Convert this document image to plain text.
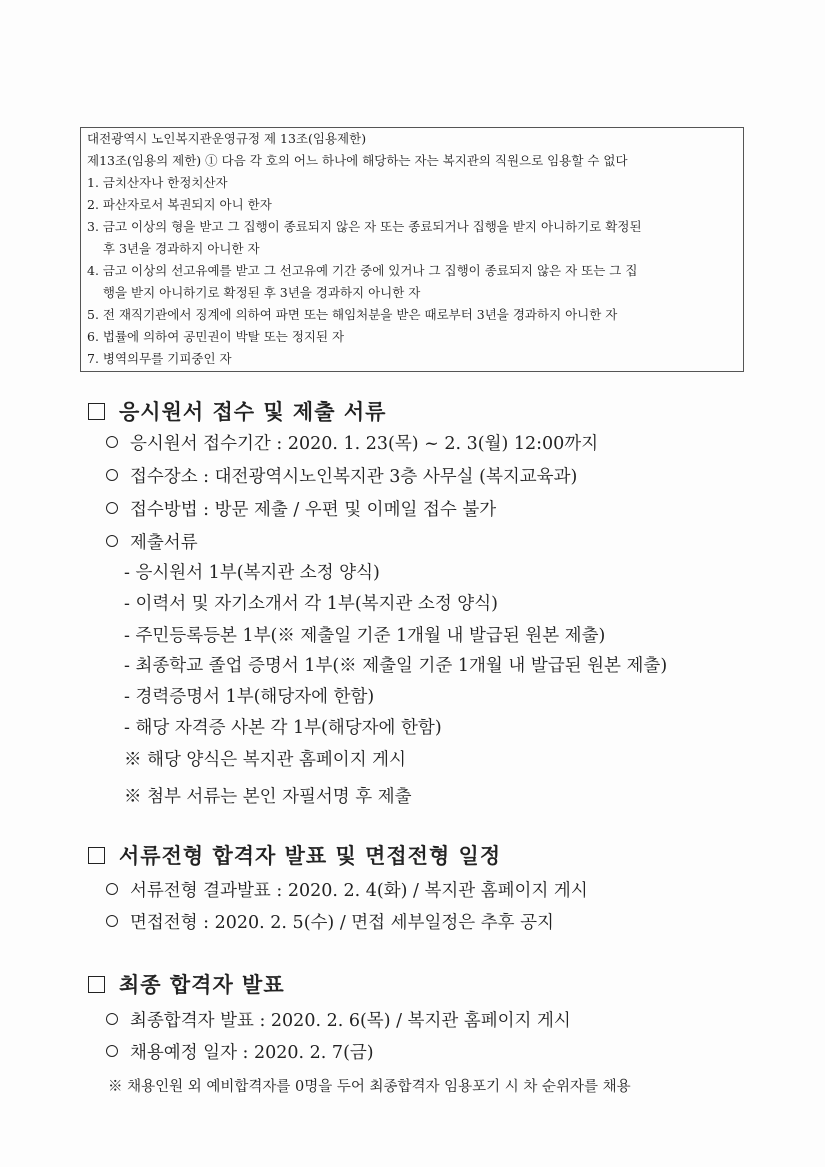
대전광역시 노인복지관운영규정 제 13조(임용제한)
제13조(임용의 제한) ① 다음 각 호의 어느 하나에 해당하는 자는 복지관의 직원으로 임용할 수 없다
1. 금치산자나 한정치산자
2. 파산자로서 복권되지 아니 한자
3. 금고 이상의 형을 받고 그 집행이 종료되지 않은 자 또는 종료되거나 집행을 받지 아니하기로 확정된
후 3년을 경과하지 아니한 자
4. 금고 이상의 선고유예를 받고 그 선고유예 기간 중에 있거나 그 집행이 종료되지 않은 자 또는 그 집
행을 받지 아니하기로 확정된 후 3년을 경과하지 아니한 자
5. 전 재직기관에서 징계에 의하여 파면 또는 해임처분을 받은 때로부터 3년을 경과하지 아니한 자
6. 법률에 의하여 공민권이 박탈 또는 정지된 자
7. 병역의무를 기피중인 자
응시원서 접수 및 제출 서류
응시원서 접수기간 : 2020. 1. 23(목) ~ 2. 3(월) 12:00까지
접수장소 : 대전광역시노인복지관 3층 사무실 (복지교육과)
접수방법 : 방문 제출 / 우편 및 이메일 접수 불가
제출서류
- 응시원서 1부(복지관 소정 양식)
- 이력서 및 자기소개서 각 1부(복지관 소정 양식)
- 주민등록등본 1부(※ 제출일 기준 1개월 내 발급된 원본 제출)
- 최종학교 졸업 증명서 1부(※ 제출일 기준 1개월 내 발급된 원본 제출)
- 경력증명서 1부(해당자에 한함)
- 해당 자격증 사본 각 1부(해당자에 한함)
※ 해당 양식은 복지관 홈페이지 게시
※ 첨부 서류는 본인 자필서명 후 제출
서류전형 합격자 발표 및 면접전형 일정
서류전형 결과발표 : 2020. 2. 4(화) / 복지관 홈페이지 게시
면접전형 : 2020. 2. 5(수) / 면접 세부일정은 추후 공지
최종 합격자 발표
최종합격자 발표 : 2020. 2. 6(목) / 복지관 홈페이지 게시
채용예정 일자 : 2020. 2. 7(금)
※ 채용인원 외 예비합격자를 0명을 두어 최종합격자 임용포기 시 차 순위자를 채용
